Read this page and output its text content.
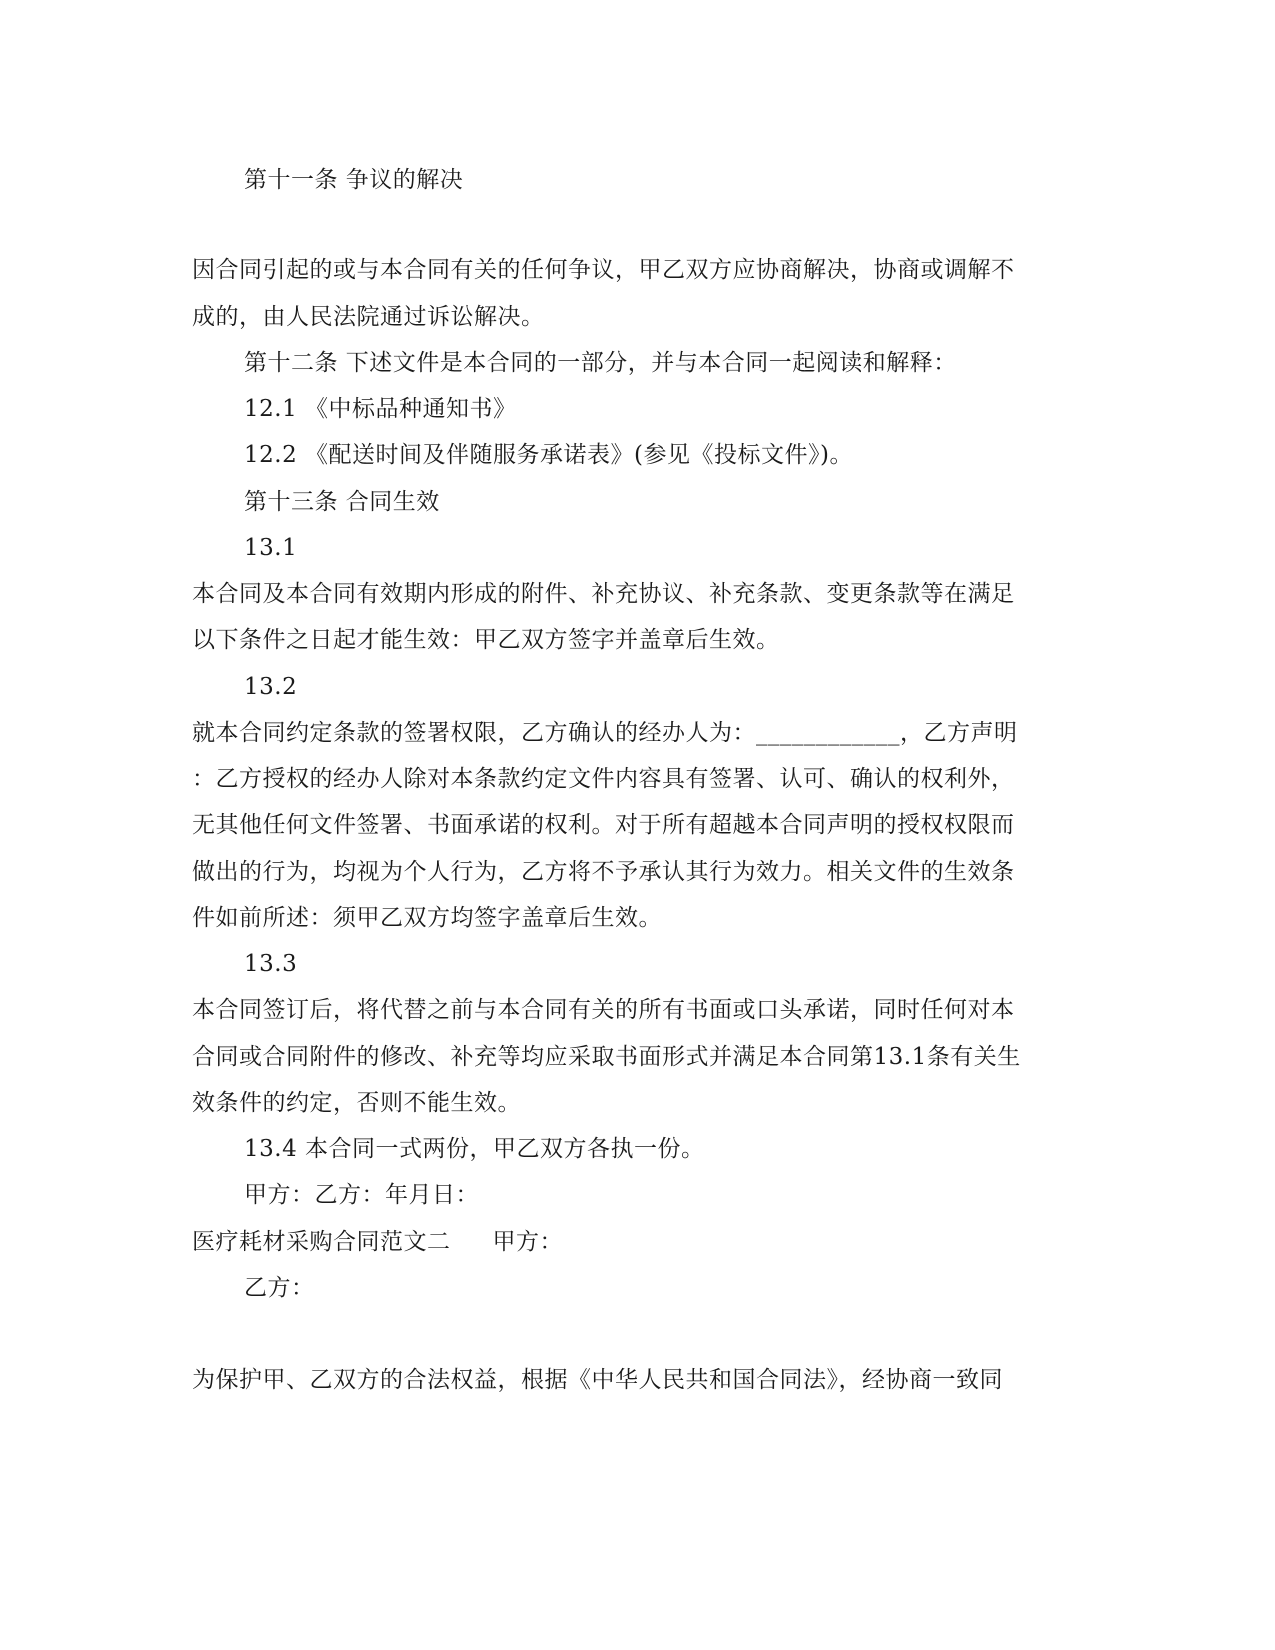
第十一条 争议的解决
因合同引起的或与本合同有关的任何争议，甲乙双方应协商解决，协商或调解不
成的，由人民法院通过诉讼解决。
第十二条 下述文件是本合同的一部分，并与本合同一起阅读和解释：
12.1 《中标品种通知书》
12.2 《配送时间及伴随服务承诺表》(参见《投标文件》)。
第十三条 合同生效
13.1
本合同及本合同有效期内形成的附件、补充协议、补充条款、变更条款等在满足
以下条件之日起才能生效：甲乙双方签字并盖章后生效。
13.2
就本合同约定条款的签署权限，乙方确认的经办人为：____________，乙方声明
：乙方授权的经办人除对本条款约定文件内容具有签署、认可、确认的权利外，
无其他任何文件签署、书面承诺的权利。对于所有超越本合同声明的授权权限而
做出的行为，均视为个人行为，乙方将不予承认其行为效力。相关文件的生效条
件如前所述：须甲乙双方均签字盖章后生效。
13.3
本合同签订后，将代替之前与本合同有关的所有书面或口头承诺，同时任何对本
合同或合同附件的修改、补充等均应采取书面形式并满足本合同第13.1条有关生
效条件的约定，否则不能生效。
13.4 本合同一式两份，甲乙双方各执一份。
甲方：乙方：年月日：
医疗耗材采购合同范文二 甲方：
乙方：
为保护甲、乙双方的合法权益，根据《中华人民共和国合同法》，经协商一致同
